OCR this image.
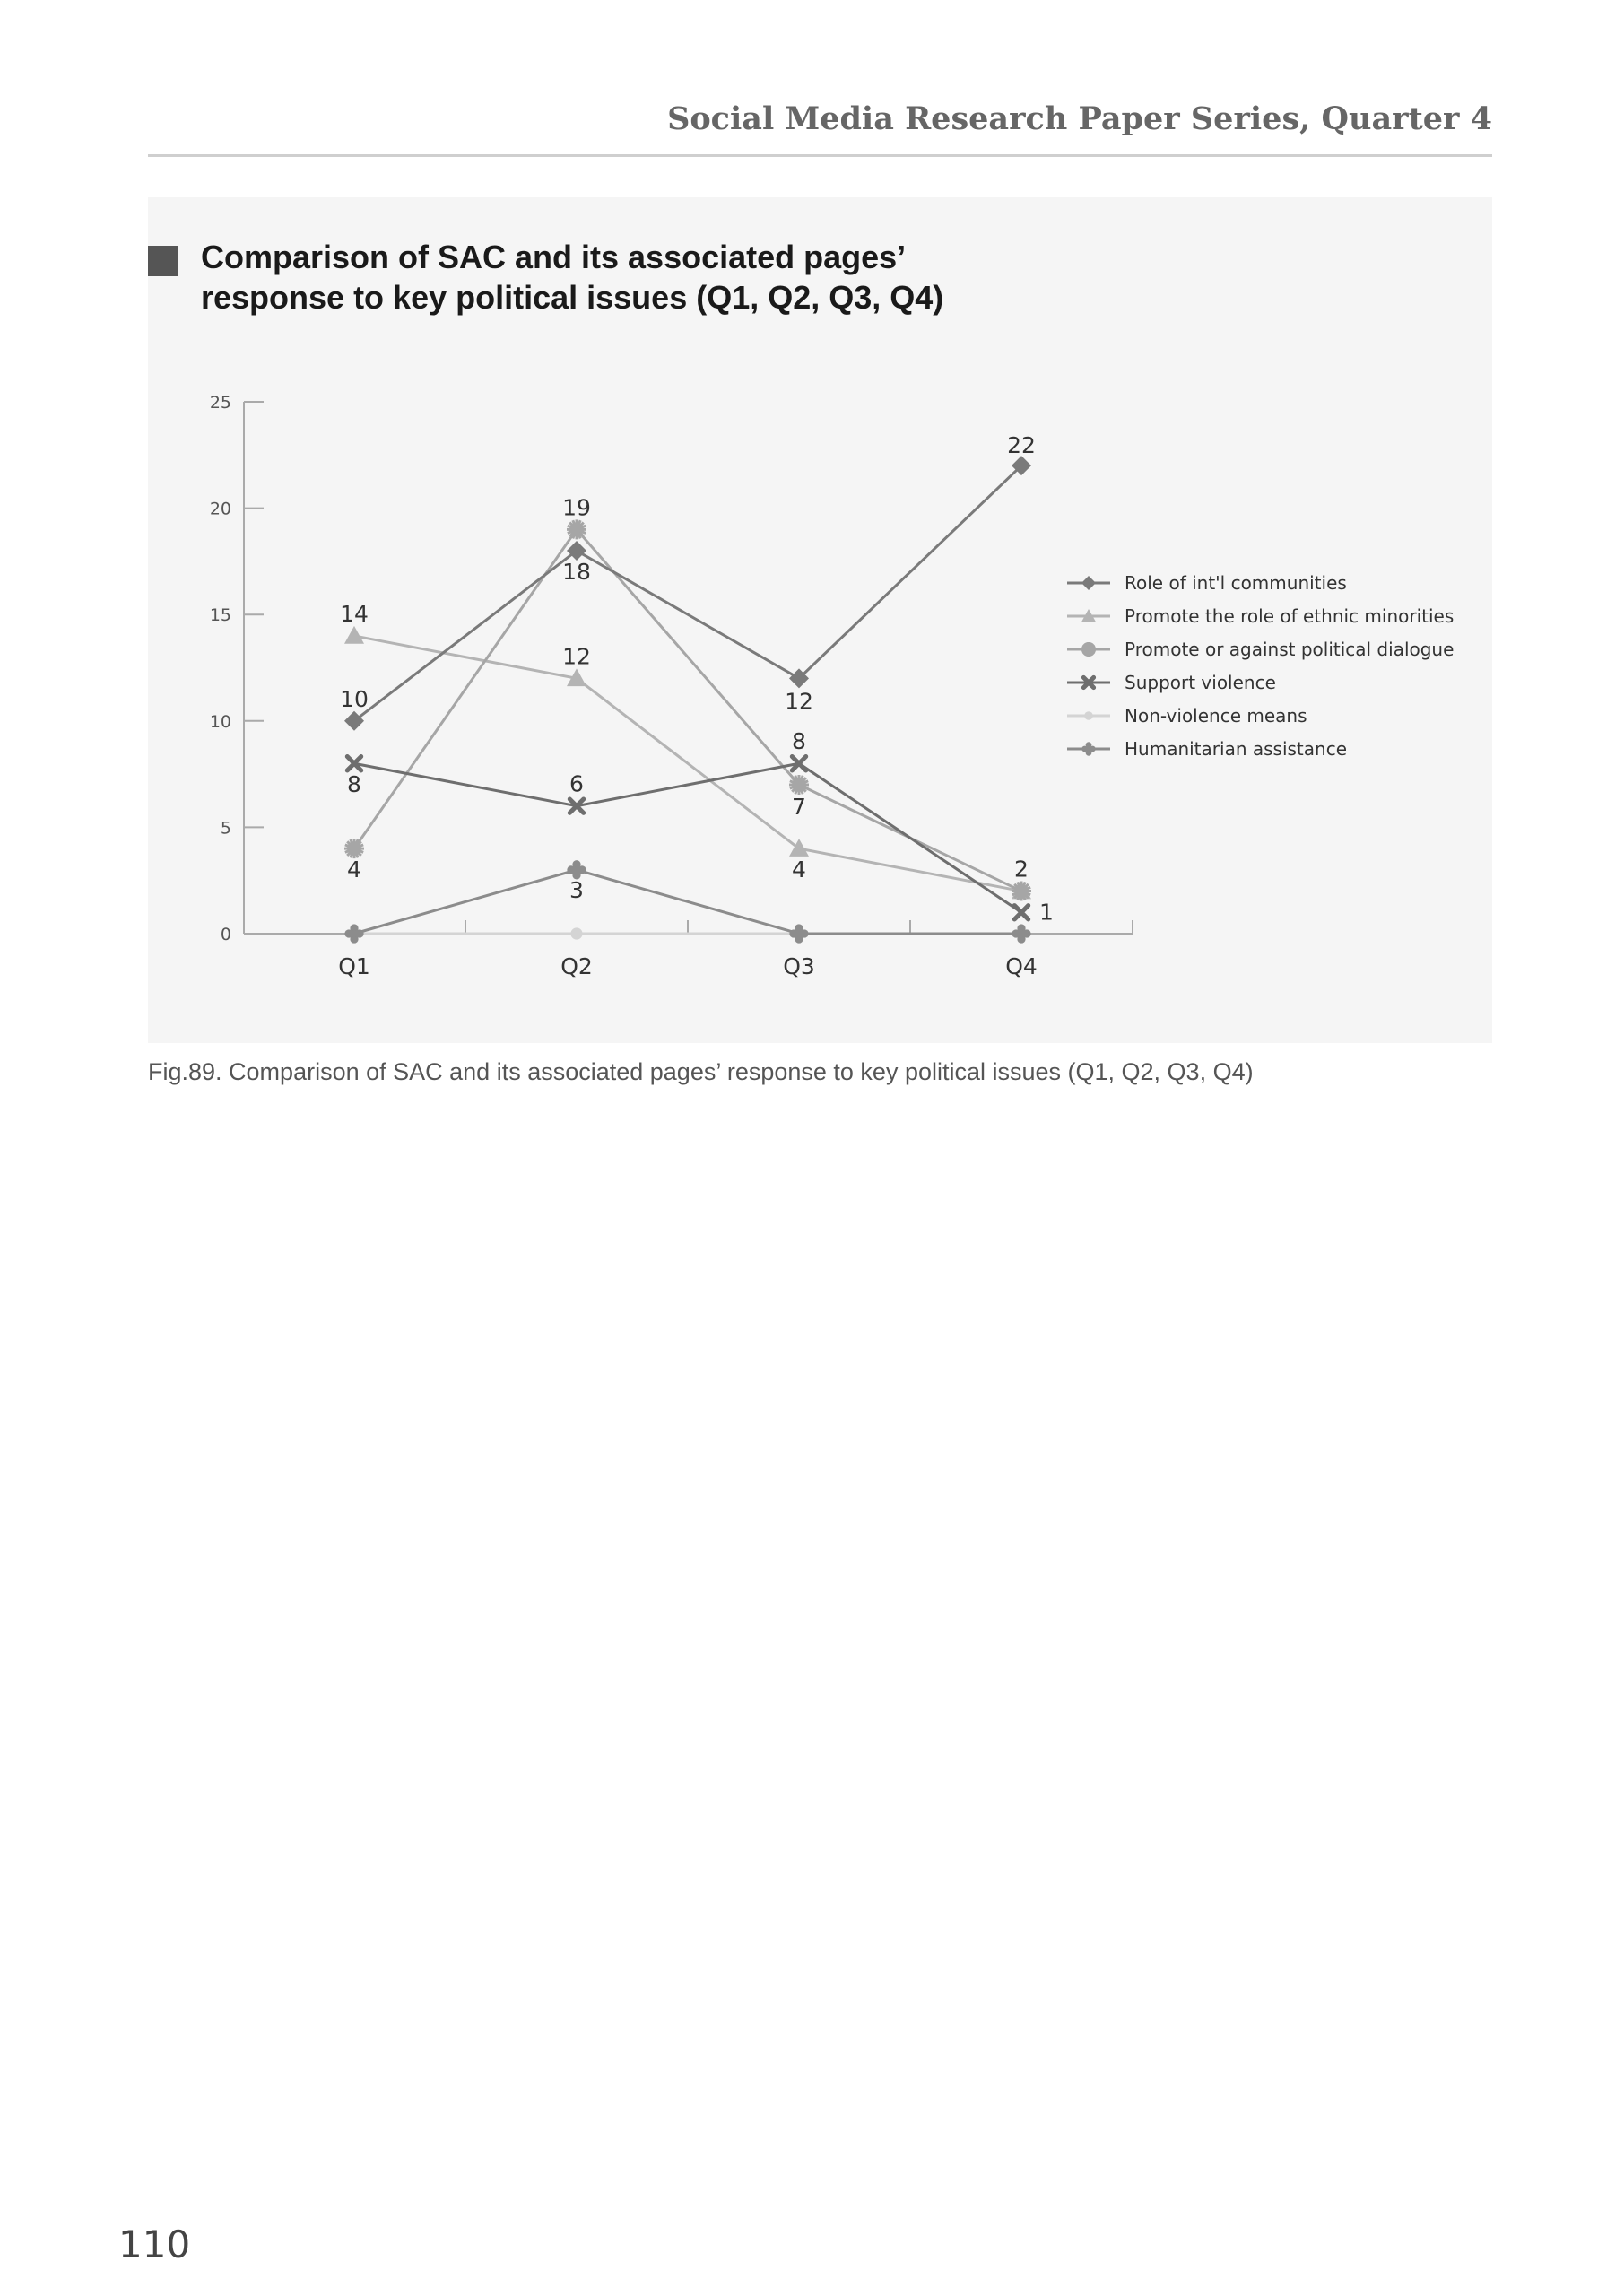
Social Media Research Paper Series, Quarter 4
Comparison of SAC and its associated pages’
response to key political issues (Q1, Q2, Q3, Q4)
0
5
10
15
20
25
Q1	Q2	Q3	Q4
10
18
12
22
14
12
4	2
4
19
7
8	6
8
1
3
Role of int'l communities
Promote the role of ethnic minorities
Promote or against political dialogue
Support violence
Non-violence means
Humanitarian assistance
Fig.89. Comparison of SAC and its associated pages’ response to key political issues (Q1, Q2, Q3, Q4)
110
